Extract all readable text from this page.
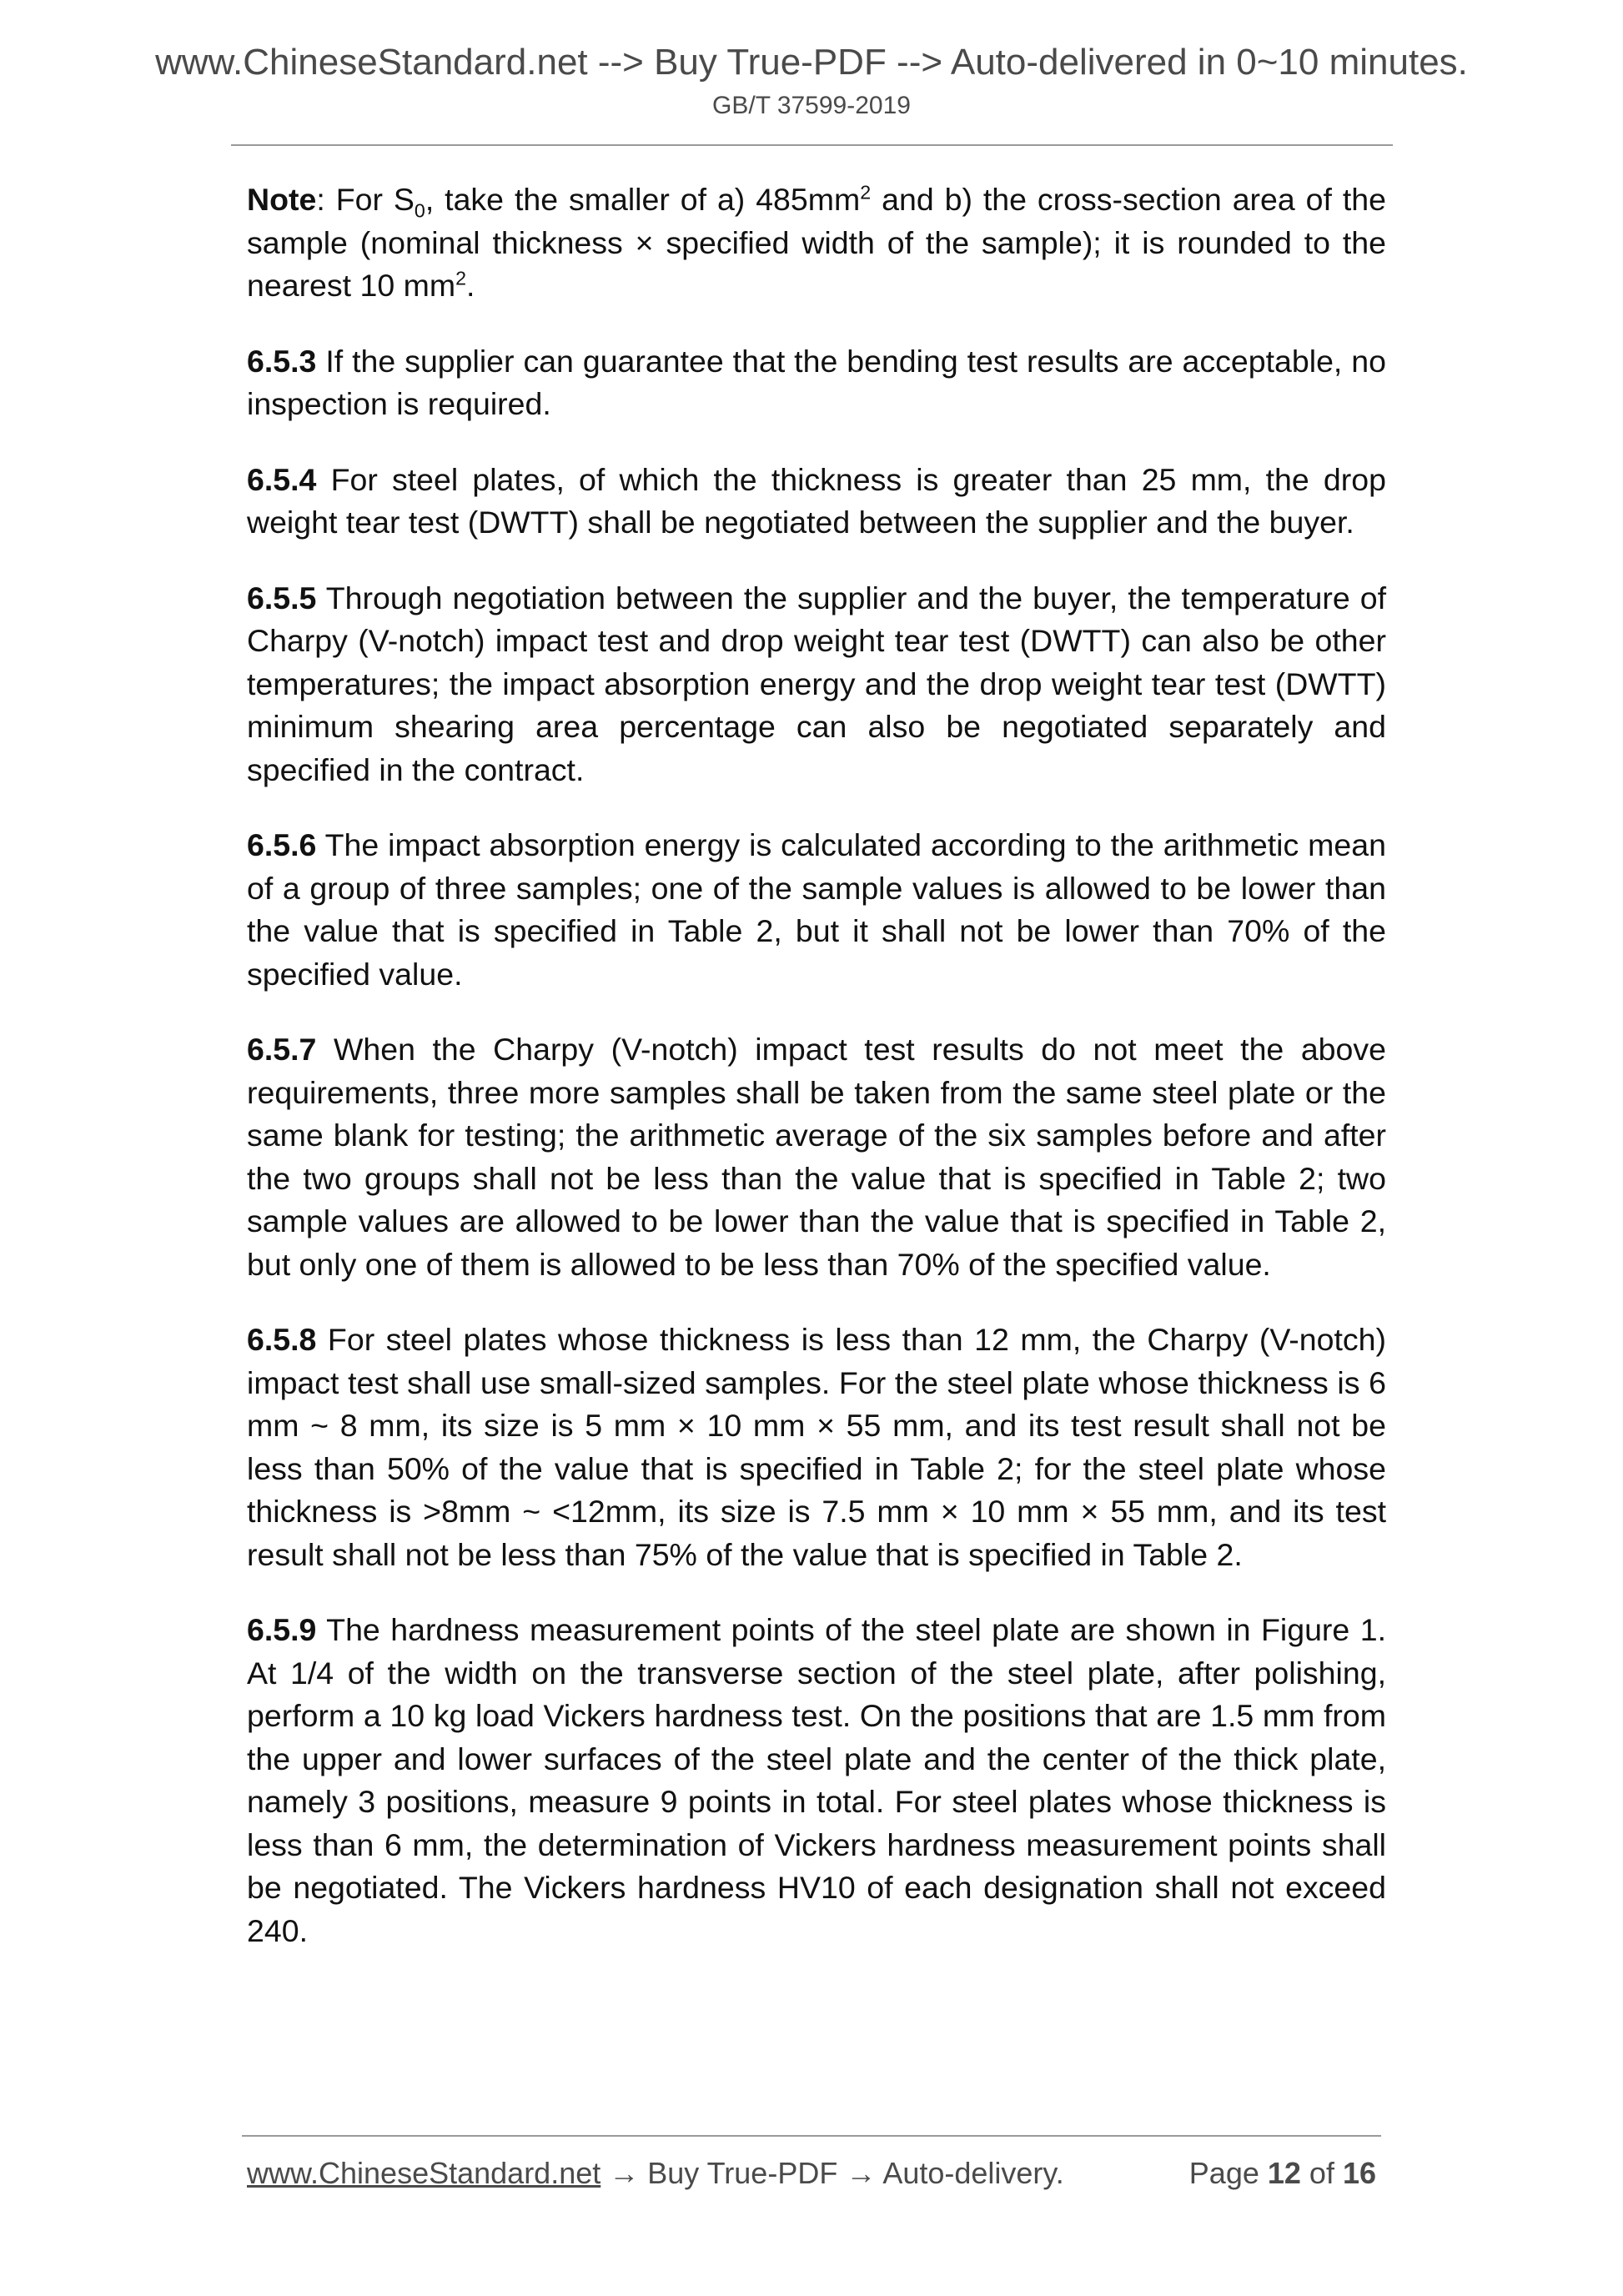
www.ChineseStandard.net --> Buy True-PDF --> Auto-delivered in 0~10 minutes.
GB/T 37599-2019
Note: For $S_0$, take the smaller of a) $485mm^2$ and b) the cross-section area of the sample (nominal thickness × specified width of the sample); it is rounded to the nearest 10 $mm^2$.

6.5.3 If the supplier can guarantee that the bending test results are acceptable, no inspection is required.

6.5.4 For steel plates, of which the thickness is greater than 25 mm, the drop weight tear test (DWTT) shall be negotiated between the supplier and the buyer.

6.5.5 Through negotiation between the supplier and the buyer, the temperature of Charpy (V-notch) impact test and drop weight tear test (DWTT) can also be other temperatures; the impact absorption energy and the drop weight tear test (DWTT) minimum shearing area percentage can also be negotiated separately and specified in the contract.

6.5.6 The impact absorption energy is calculated according to the arithmetic mean of a group of three samples; one of the sample values is allowed to be lower than the value that is specified in Table 2, but it shall not be lower than 70% of the specified value.

6.5.7 When the Charpy (V-notch) impact test results do not meet the above requirements, three more samples shall be taken from the same steel plate or the same blank for testing; the arithmetic average of the six samples before and after the two groups shall not be less than the value that is specified in Table 2; two sample values are allowed to be lower than the value that is specified in Table 2, but only one of them is allowed to be less than 70% of the specified value.

6.5.8 For steel plates whose thickness is less than 12 mm, the Charpy (V-notch) impact test shall use small-sized samples. For the steel plate whose thickness is 6 mm ~ 8 mm, its size is 5 mm × 10 mm × 55 mm, and its test result shall not be less than 50% of the value that is specified in Table 2; for the steel plate whose thickness is >8mm ~ <12mm, its size is 7.5 mm × 10 mm × 55 mm, and its test result shall not be less than 75% of the value that is specified in Table 2.

6.5.9 The hardness measurement points of the steel plate are shown in Figure 1. At 1/4 of the width on the transverse section of the steel plate, after polishing, perform a 10 kg load Vickers hardness test. On the positions that are 1.5 mm from the upper and lower surfaces of the steel plate and the center of the thick plate, namely 3 positions, measure 9 points in total. For steel plates whose thickness is less than 6 mm, the determination of Vickers hardness measurement points shall be negotiated. The Vickers hardness HV10 of each designation shall not exceed 240.

www.ChineseStandard.net → Buy True-PDF → Auto-delivery.	Page 12 of 16
